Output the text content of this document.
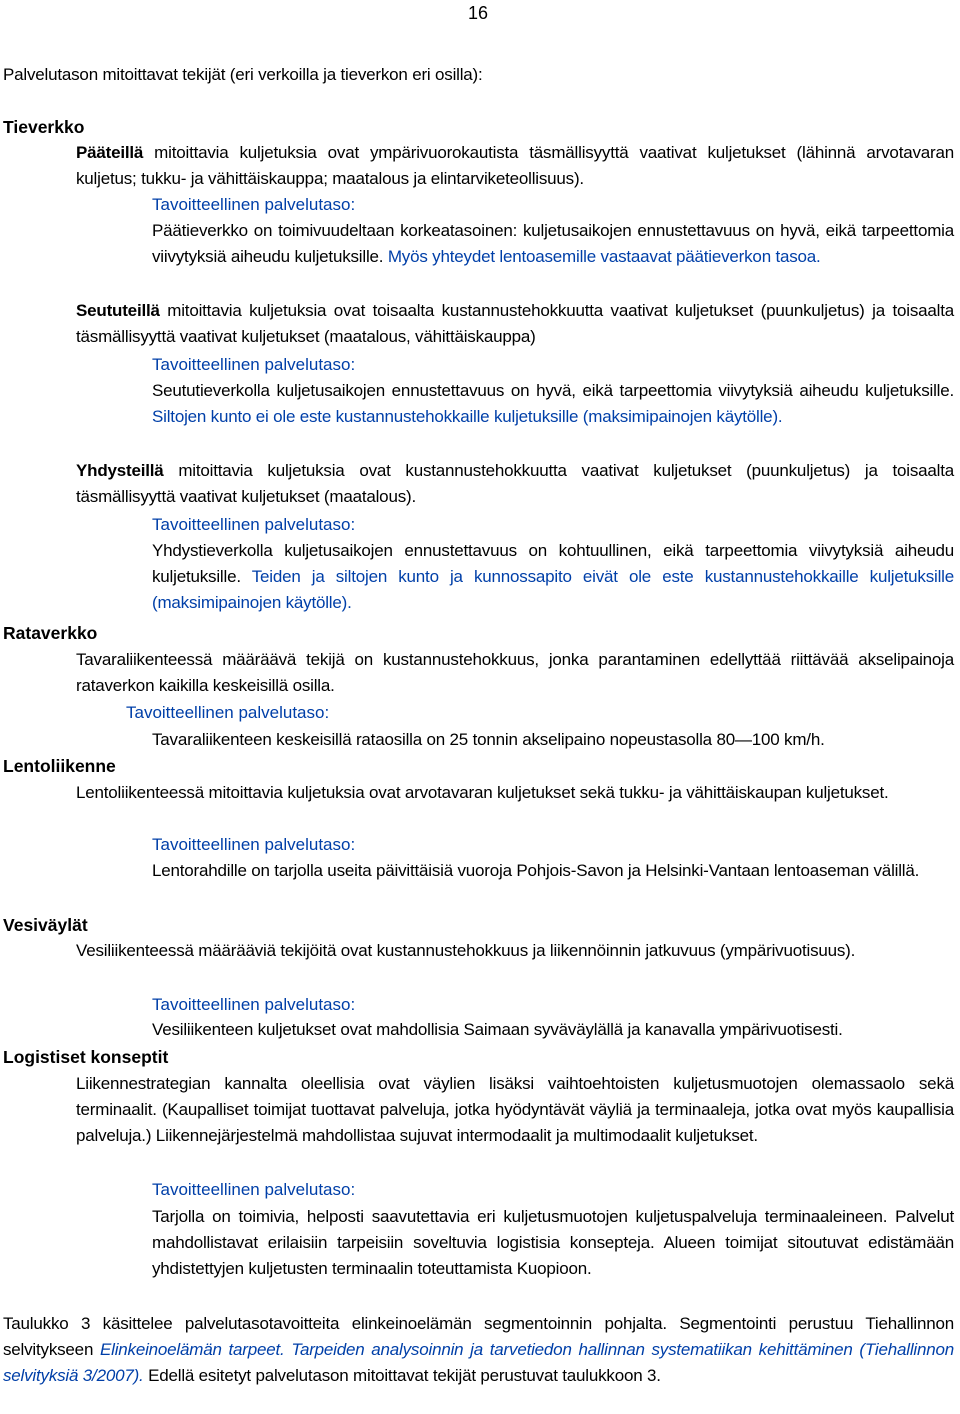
16

Palvelutason mitoittavat tekijät (eri verkoilla ja tieverkon eri osilla):

Tieverkko

Pääteillä mitoittavia kuljetuksia ovat ympärivuorokautista täsmällisyyttä vaativat kuljetukset (lähinnä arvotavaran kuljetus; tukku- ja vähittäiskauppa; maatalous ja elintarviketeollisuus).

Tavoitteellinen palvelutaso:

Päätieverkko on toimivuudeltaan korkeatasoinen: kuljetusaikojen ennustettavuus on hyvä, eikä tarpeettomia viivytyksiä aiheudu kuljetuksille. Myös yhteydet lentoasemille vastaavat päätieverkon tasoa.

Seututeillä mitoittavia kuljetuksia ovat toisaalta kustannustehokkuutta vaativat kuljetukset (puunkuljetus) ja toisaalta täsmällisyyttä vaativat kuljetukset (maatalous, vähittäiskauppa)

Tavoitteellinen palvelutaso:

Seututieverkolla kuljetusaikojen ennustettavuus on hyvä, eikä tarpeettomia viivytyksiä aiheudu kuljetuksille. Siltojen kunto ei ole este kustannustehokkaille kuljetuksille (maksimipainojen käytölle).

Yhdysteillä mitoittavia kuljetuksia ovat kustannustehokkuutta vaativat kuljetukset (puunkuljetus) ja toisaalta täsmällisyyttä vaativat kuljetukset (maatalous).

Tavoitteellinen palvelutaso:

Yhdystieverkolla kuljetusaikojen ennustettavuus on kohtuullinen, eikä tarpeettomia viivytyksiä aiheudu kuljetuksille. Teiden ja siltojen kunto ja kunnossapito eivät ole este kustannustehokkaille kuljetuksille (maksimipainojen käytölle).

Rataverkko

Tavaraliikenteessä määräävä tekijä on kustannustehokkuus, jonka parantaminen edellyttää riittävää akselipainoja rataverkon kaikilla keskeisillä osilla.

Tavoitteellinen palvelutaso:

Tavaraliikenteen keskeisillä rataosilla on 25 tonnin akselipaino nopeustasolla 80—100 km/h.

Lentoliikenne

Lentoliikenteessä mitoittavia kuljetuksia ovat arvotavaran kuljetukset sekä tukku- ja vähittäiskaupan kuljetukset.

Tavoitteellinen palvelutaso:

Lentorahdille on tarjolla useita päivittäisiä vuoroja Pohjois-Savon ja Helsinki-Vantaan lentoaseman välillä.

Vesiväylät

Vesiliikenteessä määrääviä tekijöitä ovat kustannustehokkuus ja liikennöinnin jatkuvuus (ympärivuotisuus).

Tavoitteellinen palvelutaso:

Vesiliikenteen kuljetukset ovat mahdollisia Saimaan syväväylällä ja kanavalla ympärivuotisesti.

Logistiset konseptit

Liikennestrategian kannalta oleellisia ovat väylien lisäksi vaihtoehtoisten kuljetusmuotojen olemassaolo sekä terminaalit. (Kaupalliset toimijat tuottavat palveluja, jotka hyödyntävät väyliä ja terminaaleja, jotka ovat myös kaupallisia palveluja.) Liikennejärjestelmä mahdollistaa sujuvat intermodaalit ja multimodaalit kuljetukset.

Tavoitteellinen palvelutaso:

Tarjolla on toimivia, helposti saavutettavia eri kuljetusmuotojen kuljetuspalveluja terminaaleineen. Palvelut mahdollistavat erilaisiin tarpeisiin soveltuvia logistisia konsepteja. Alueen toimijat sitoutuvat edistämään yhdistettyjen kuljetusten terminaalin toteuttamista Kuopioon.

Taulukko 3 käsittelee palvelutasotavoitteita elinkeinoelämän segmentoinnin pohjalta. Segmentointi perustuu Tiehallinnon selvitykseen Elinkeinoelämän tarpeet. Tarpeiden analysoinnin ja tarvetiedon hallinnan systematiikan kehittäminen (Tiehallinnon selvityksiä 3/2007). Edellä esitetyt palvelutason mitoittavat tekijät perustuvat taulukkoon 3.
